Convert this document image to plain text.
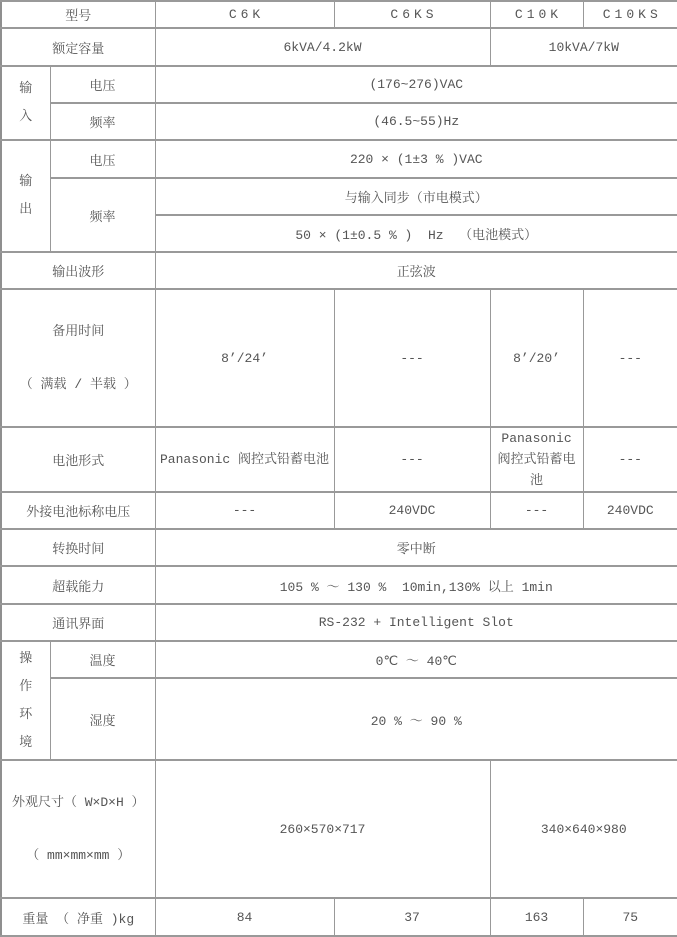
型号		C6K	C6KS	C10K	C10KS
额定容量		6kVA/4.2kW		10kVA/7kW	
输入	电压	(176~276)VAC			
	频率	(46.5~55)Hz			
输出	电压	220 × (1±3 % )VAC			
	频率	与输入同步（市电模式）			
		50 × (1±0.5 % )  Hz  （电池模式）			
输出波形		正弦波			

备用时间

（ 满载 / 半载 ）		8’/24’	---	8’/20’	---
电池形式		Panasonic 阀控式铅蓄电池	---	Panasonic 阀控式铅蓄电池	---
外接电池标称电压		---	240VDC	---	240VDC
转换时间		零中断			
超载能力		105 % ～ 130 %  10min,130% 以上 1min			
通讯界面		RS-232 + Intelligent Slot			
操作环境	温度	0℃ ～ 40℃			
	湿度	20 % ～ 90 %			

外观尺寸（ W×D×H ）

（ mm×mm×mm ）		260×570×717		340×640×980	
重量 （ 净重 )kg		84	37	163	75
